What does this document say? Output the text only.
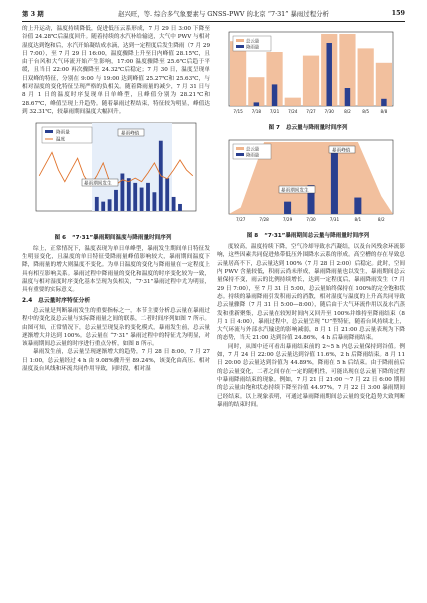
第 3 期	赵兴旺，等. 综合多气象要素与 GNSS-PWV 的北京 “7·31” 暴雨过程分析	159

的上升运动，温度持续降低，促进低压云系形成，7 月 29 日 3:00 下降至谷值 24.28℃后温度回升。随着持续的水汽补给输送，大气中 PWV 与相对湿度达到饱和后，水汽开始凝结成水滴，达到一定程度后发生降雨（7 月 29 日 7:00），至 7 月 29 日 16:00，温度骤降上升至日内峰值 28.15℃，且由于台风和大气环流开始产生影响，17:00 温度骤降至 25.6℃后趋于平缓，且当日 22:00 再次骤降至 24.32℃后稳定；7 月 30 日，温度呈现单日双峰的特征，分别在 9:00 与 19:00 达到峰值 25.27℃和 25.63℃，与相对湿度的变化特征呈现严格的负相关。随着降雨量的减少，7 月 31 日与 8 月 1 日的温度时序复现单日单峰型，且峰值分别为 28.21℃和 28.67℃，峰值呈现上升趋势。随着暴雨过程结束，特征较为明显，峰值达到 32.31℃，较暴雨期间温度大幅回升。

降雨量
温度
暴雨峰值
暴雨期间发生
图 6 “7·31”暴雨期间温度与降雨量时间序列

综上，正常情况下，温度表现为单日单峰型，暴雨发生期间单日特征发生明显变化，且温度的单日特征受降雨量峰值影响较大，暴雨期间温度下降，降雨量的增大则温度不变化。为单日温度的变化与降雨量在一定程度上具有相互影响关系。暴雨过程中降雨量的变化和温度的时序变化较为一致，温度与相对湿度时序变化基本呈现为负相关，“7·31”暴雨过程中尤为明显，具有重要的实际意义。

2.4　总云量时序特征分析

总云量是判断暴雨发生的重要指标之一，本节主要分析总云量在暴雨过程中的变化及总云量与实际降雨量之间的联系，二者时间序列如图 7 所示。由图可知，正常情况下，总云量呈现复杂的变化模式，暴雨发生前，总云量逐渐增大并达到 100%。总云量在 “7·31” 暴雨过程中的特征尤为明显，对该暴雨期间总云量的时序进行重点分析，如图 8 所示。

暴雨发生前，总云量呈现逐渐增大的趋势，7 月 28 日 8:00，7 月 27 日 1:00，总云量经过 4 h 由 9.08%骤升至 89.24%，该变化由高压、相对湿度及台风线和环流共同作用导致，同时段，相对湿

总云量
降雨量
7/15 7/18 7/21 7/24 7/27 7/30 8/2	8/5	8/8
图 7 总云量与降雨量时间序列
总云量
降雨量
暴雨峰值
暴雨期间发生
7/27	7/28	7/29	7/30	7/31	8/1	8/2
图 8 “7·31”暴雨期间总云量与降雨量时间序列

度较高，温度持续下降，空气冷却导致水汽凝结，以及台风残余环流影响，这些因素共同促进热带低压外围降水云系的形成。高空槽的存在导致总云量居高不下，总云量达到 100%（7 月 28 日 2:00）后稳定。此时，空间内 PWV 含量较低，积雨云尚未形成，暴雨降雨量也以发生，暴雨期间总云量保持不变，雨云的比例持续增长，达到一定程度后，暴雨降雨发生（7 月 29 日 7:00），至 7 月 31 日 5:00，总云量始终保持在 100%的完全饱和状态。持续的暴雨降雨引发积雨云的消散，相对湿度与温度的上升高共同导致总云量骤降（7 月 31 日 5:00—8:00），随后由于大气环流作用以及水汽蒸发和重新聚集，总云量在较短时间内又回升至 100%并维持至降雨结束（8 月 1 日 4:00），暴雨过程中，总云量呈现 “U”型特征，随着台风持续北上，大气环流与外部水汽输送的影响减弱，8 月 1 日 21:00 总云量表现为下降的态势，当天 21:00 达到谷值 24.86%，4 h 后暴雨降雨结束。

同时，从图中还可看出暴雨结束前的 2~5 h 内总云量保持到谷值。例如，7 月 24 日 22:00 总云量达到谷值 11.6%，2 h 后降雨结束。8 月 11 日 20:00 总云量达到谷值为 44.89%，降雨在 5 h 后结束。由于降雨前后的总云量变化，二者之间存在一定的随机性，可能出现在总云量下降的过程中暴雨降雨结束的现象。例如，7 月 21 日 21:00 ～7 月 22 日 6:00 期间的总云量由饱和状态持续下降至谷值 44.97%，7 月 22 日 3:00 暴雨期间已经结束。以上现象表明，可通过暴雨降雨期间总云量的变化趋势大致判断暴雨的结束时间。
